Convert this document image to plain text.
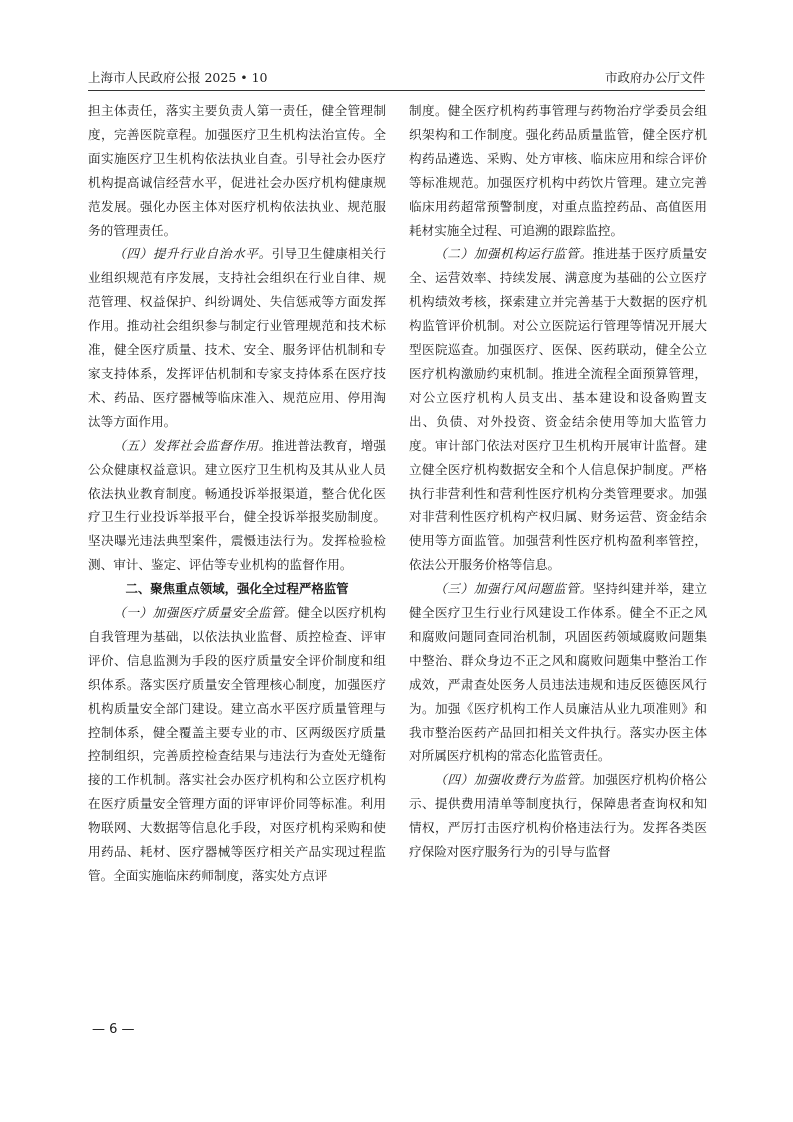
上海市人民政府公报 2025 • 10	市政府办公厅文件

担主体责任，落实主要负责人第一责任，健全管理制度，完善医院章程。加强医疗卫生机构法治宣传。全面实施医疗卫生机构依法执业自查。引导社会办医疗机构提高诚信经营水平，促进社会办医疗机构健康规范发展。强化办医主体对医疗机构依法执业、规范服务的管理责任。

（四）提升行业自治水平。引导卫生健康相关行业组织规范有序发展，支持社会组织在行业自律、规范管理、权益保护、纠纷调处、失信惩戒等方面发挥作用。推动社会组织参与制定行业管理规范和技术标准，健全医疗质量、技术、安全、服务评估机制和专家支持体系，发挥评估机制和专家支持体系在医疗技术、药品、医疗器械等临床准入、规范应用、停用淘汰等方面作用。

（五）发挥社会监督作用。推进普法教育，增强公众健康权益意识。建立医疗卫生机构及其从业人员依法执业教育制度。畅通投诉举报渠道，整合优化医疗卫生行业投诉举报平台，健全投诉举报奖励制度。坚决曝光违法典型案件，震慑违法行为。发挥检验检测、审计、鉴定、评估等专业机构的监督作用。

二、聚焦重点领域，强化全过程严格监管

（一）加强医疗质量安全监管。健全以医疗机构自我管理为基础，以依法执业监督、质控检查、评审评价、信息监测为手段的医疗质量安全评价制度和组织体系。落实医疗质量安全管理核心制度，加强医疗机构质量安全部门建设。建立高水平医疗质量管理与控制体系，健全覆盖主要专业的市、区两级医疗质量控制组织，完善质控检查结果与违法行为查处无缝衔接的工作机制。落实社会办医疗机构和公立医疗机构在医疗质量安全管理方面的评审评价同等标准。利用物联网、大数据等信息化手段，对医疗机构采购和使用药品、耗材、医疗器械等医疗相关产品实现过程监管。全面实施临床药师制度，落实处方点评

制度。健全医疗机构药事管理与药物治疗学委员会组织架构和工作制度。强化药品质量监管，健全医疗机构药品遴选、采购、处方审核、临床应用和综合评价等标准规范。加强医疗机构中药饮片管理。建立完善临床用药超常预警制度，对重点监控药品、高值医用耗材实施全过程、可追溯的跟踪监控。

（二）加强机构运行监管。推进基于医疗质量安全、运营效率、持续发展、满意度为基础的公立医疗机构绩效考核，探索建立并完善基于大数据的医疗机构监管评价机制。对公立医院运行管理等情况开展大型医院巡查。加强医疗、医保、医药联动，健全公立医疗机构激励约束机制。推进全流程全面预算管理，对公立医疗机构人员支出、基本建设和设备购置支出、负债、对外投资、资金结余使用等加大监管力度。审计部门依法对医疗卫生机构开展审计监督。建立健全医疗机构数据安全和个人信息保护制度。严格执行非营利性和营利性医疗机构分类管理要求。加强对非营利性医疗机构产权归属、财务运营、资金结余使用等方面监管。加强营利性医疗机构盈利率管控，依法公开服务价格等信息。

（三）加强行风问题监管。坚持纠建并举，建立健全医疗卫生行业行风建设工作体系。健全不正之风和腐败问题同查同治机制，巩固医药领域腐败问题集中整治、群众身边不正之风和腐败问题集中整治工作成效，严肃查处医务人员违法违规和违反医德医风行为。加强《医疗机构工作人员廉洁从业九项准则》和我市整治医药产品回扣相关文件执行。落实办医主体对所属医疗机构的常态化监管责任。

（四）加强收费行为监管。加强医疗机构价格公示、提供费用清单等制度执行，保障患者查询权和知情权，严厉打击医疗机构价格违法行为。发挥各类医疗保险对医疗服务行为的引导与监督

— 6 —
